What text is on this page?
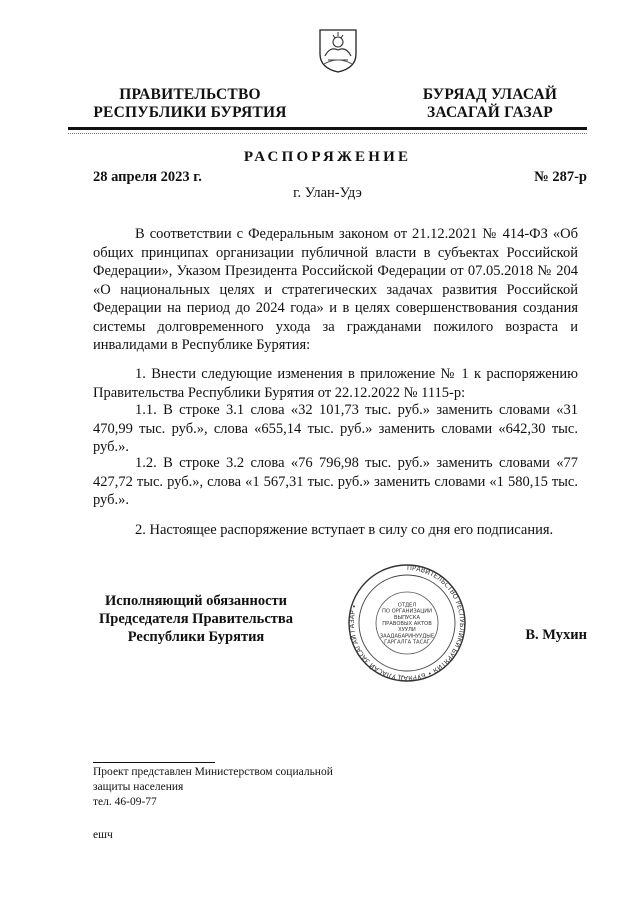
ПРАВИТЕЛЬСТВО
РЕСПУБЛИКИ БУРЯТИЯ
БУРЯАД УЛАСАЙ
ЗАСАГАЙ ГАЗАР
РАСПОРЯЖЕНИЕ
28 апреля 2023 г.	№ 287-р
г. Улан-Удэ
В соответствии с Федеральным законом от 21.12.2021 № 414-ФЗ «Об общих принципах организации публичной власти в субъектах Российской Федерации», Указом Президента Российской Федерации от 07.05.2018 № 204 «О национальных целях и стратегических задачах развития Российской Федерации на период до 2024 года» и в целях совершенствования создания системы долговременного ухода за гражданами пожилого возраста и инвалидами в Республике Бурятия:
1. Внести следующие изменения в приложение № 1 к распоряжению Правительства Республики Бурятия от 22.12.2022 № 1115-р:
1.1. В строке 3.1 слова «32 101,73 тыс. руб.» заменить словами «31 470,99 тыс. руб.», слова «655,14 тыс. руб.» заменить словами «642,30 тыс. руб.».
1.2. В строке 3.2 слова «76 796,98 тыс. руб.» заменить словами «77 427,72 тыс. руб.», слова «1 567,31 тыс. руб.» заменить словами «1 580,15 тыс. руб.».
2. Настоящее распоряжение вступает в силу со дня его подписания.
Исполняющий обязанности
Председателя Правительства
Республики Бурятия
ПРАВИТЕЛЬСТВО РЕСПУБЛИКИ БУРЯТИЯ • БУРЯАД УЛАСАЙ ЗАСАГАЙ ГАЗАР •	ОТДЕЛ
ПО ОРГАНИЗАЦИИ
ВЫПУСКА
ПРАВОВЫХ АКТОВ
ХУУЛИ
ЗААДАБАРИНУУДЫЕ
ГАРГАЛГА ТАСАГ	В. Мухин
Проект представлен Министерством социальной
защиты населения
тел. 46-09-77
ешч
